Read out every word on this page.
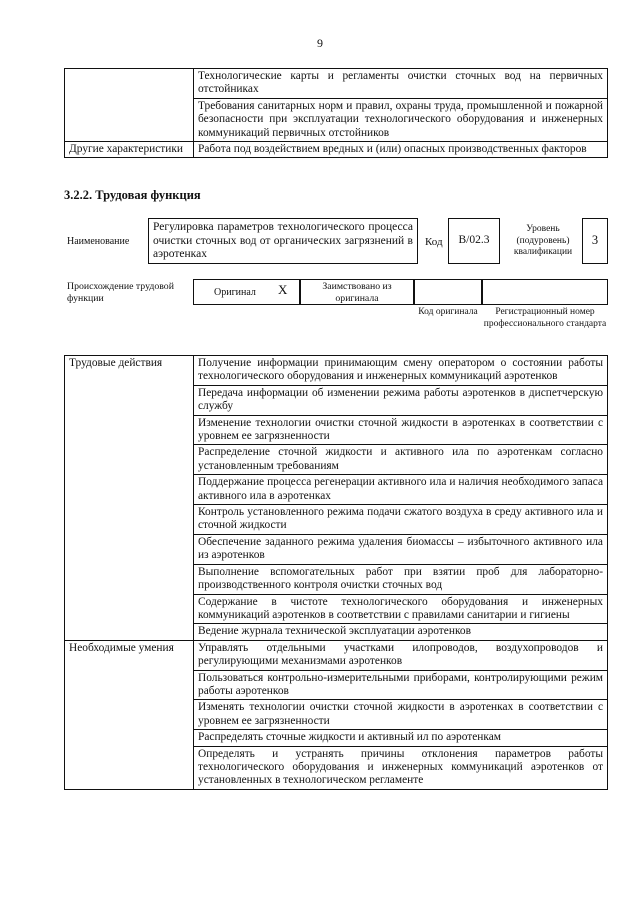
9
	Технологические карты и регламенты очистки сточных вод на первичных отстойниках
	Требования санитарных норм и правил, охраны труда, промышленной и пожарной безопасности при эксплуатации технологического оборудования и инженерных коммуникаций первичных отстойников
Другие характеристики	Работа под воздействием вредных и (или) опасных производственных факторов
3.2.2. Трудовая функция
Наименование
Регулировка параметров технологического процесса очистки сточных вод от органических загрязнений в аэротенках
Код	B/02.3
Уровень (подуровень) квалификации
3
Происхождение трудовой функции
Оригинал X	Заимствовано из оригинала
Код оригинала	Регистрационный номер профессионального стандарта
Трудовые действия	Получение информации принимающим смену оператором о состоянии работы технологического оборудования и инженерных коммуникаций аэротенков
	Передача информации об изменении режима работы аэротенков в диспетчерскую службу
	Изменение технологии очистки сточной жидкости в аэротенках в соответствии с уровнем ее загрязненности
	Распределение сточной жидкости и активного ила по аэротенкам согласно установленным требованиям
	Поддержание процесса регенерации активного ила и наличия необходимого запаса активного ила в аэротенках
	Контроль установленного режима подачи сжатого воздуха в среду активного ила и сточной жидкости
	Обеспечение заданного режима удаления биомассы – избыточного активного ила из аэротенков
	Выполнение вспомогательных работ при взятии проб для лабораторно-производственного контроля очистки сточных вод
	Содержание в чистоте технологического оборудования и инженерных коммуникаций аэротенков в соответствии с правилами санитарии и гигиены
	Ведение журнала технической эксплуатации аэротенков
Необходимые умения	Управлять отдельными участками илопроводов, воздухопроводов и регулирующими механизмами аэротенков
	Пользоваться контрольно-измерительными приборами, контролирующими режим работы аэротенков
	Изменять технологии очистки сточной жидкости в аэротенках в соответствии с уровнем ее загрязненности
	Распределять сточные жидкости и активный ил по аэротенкам
	Определять и устранять причины отклонения параметров работы технологического оборудования и инженерных коммуникаций аэротенков от установленных в технологическом регламенте
